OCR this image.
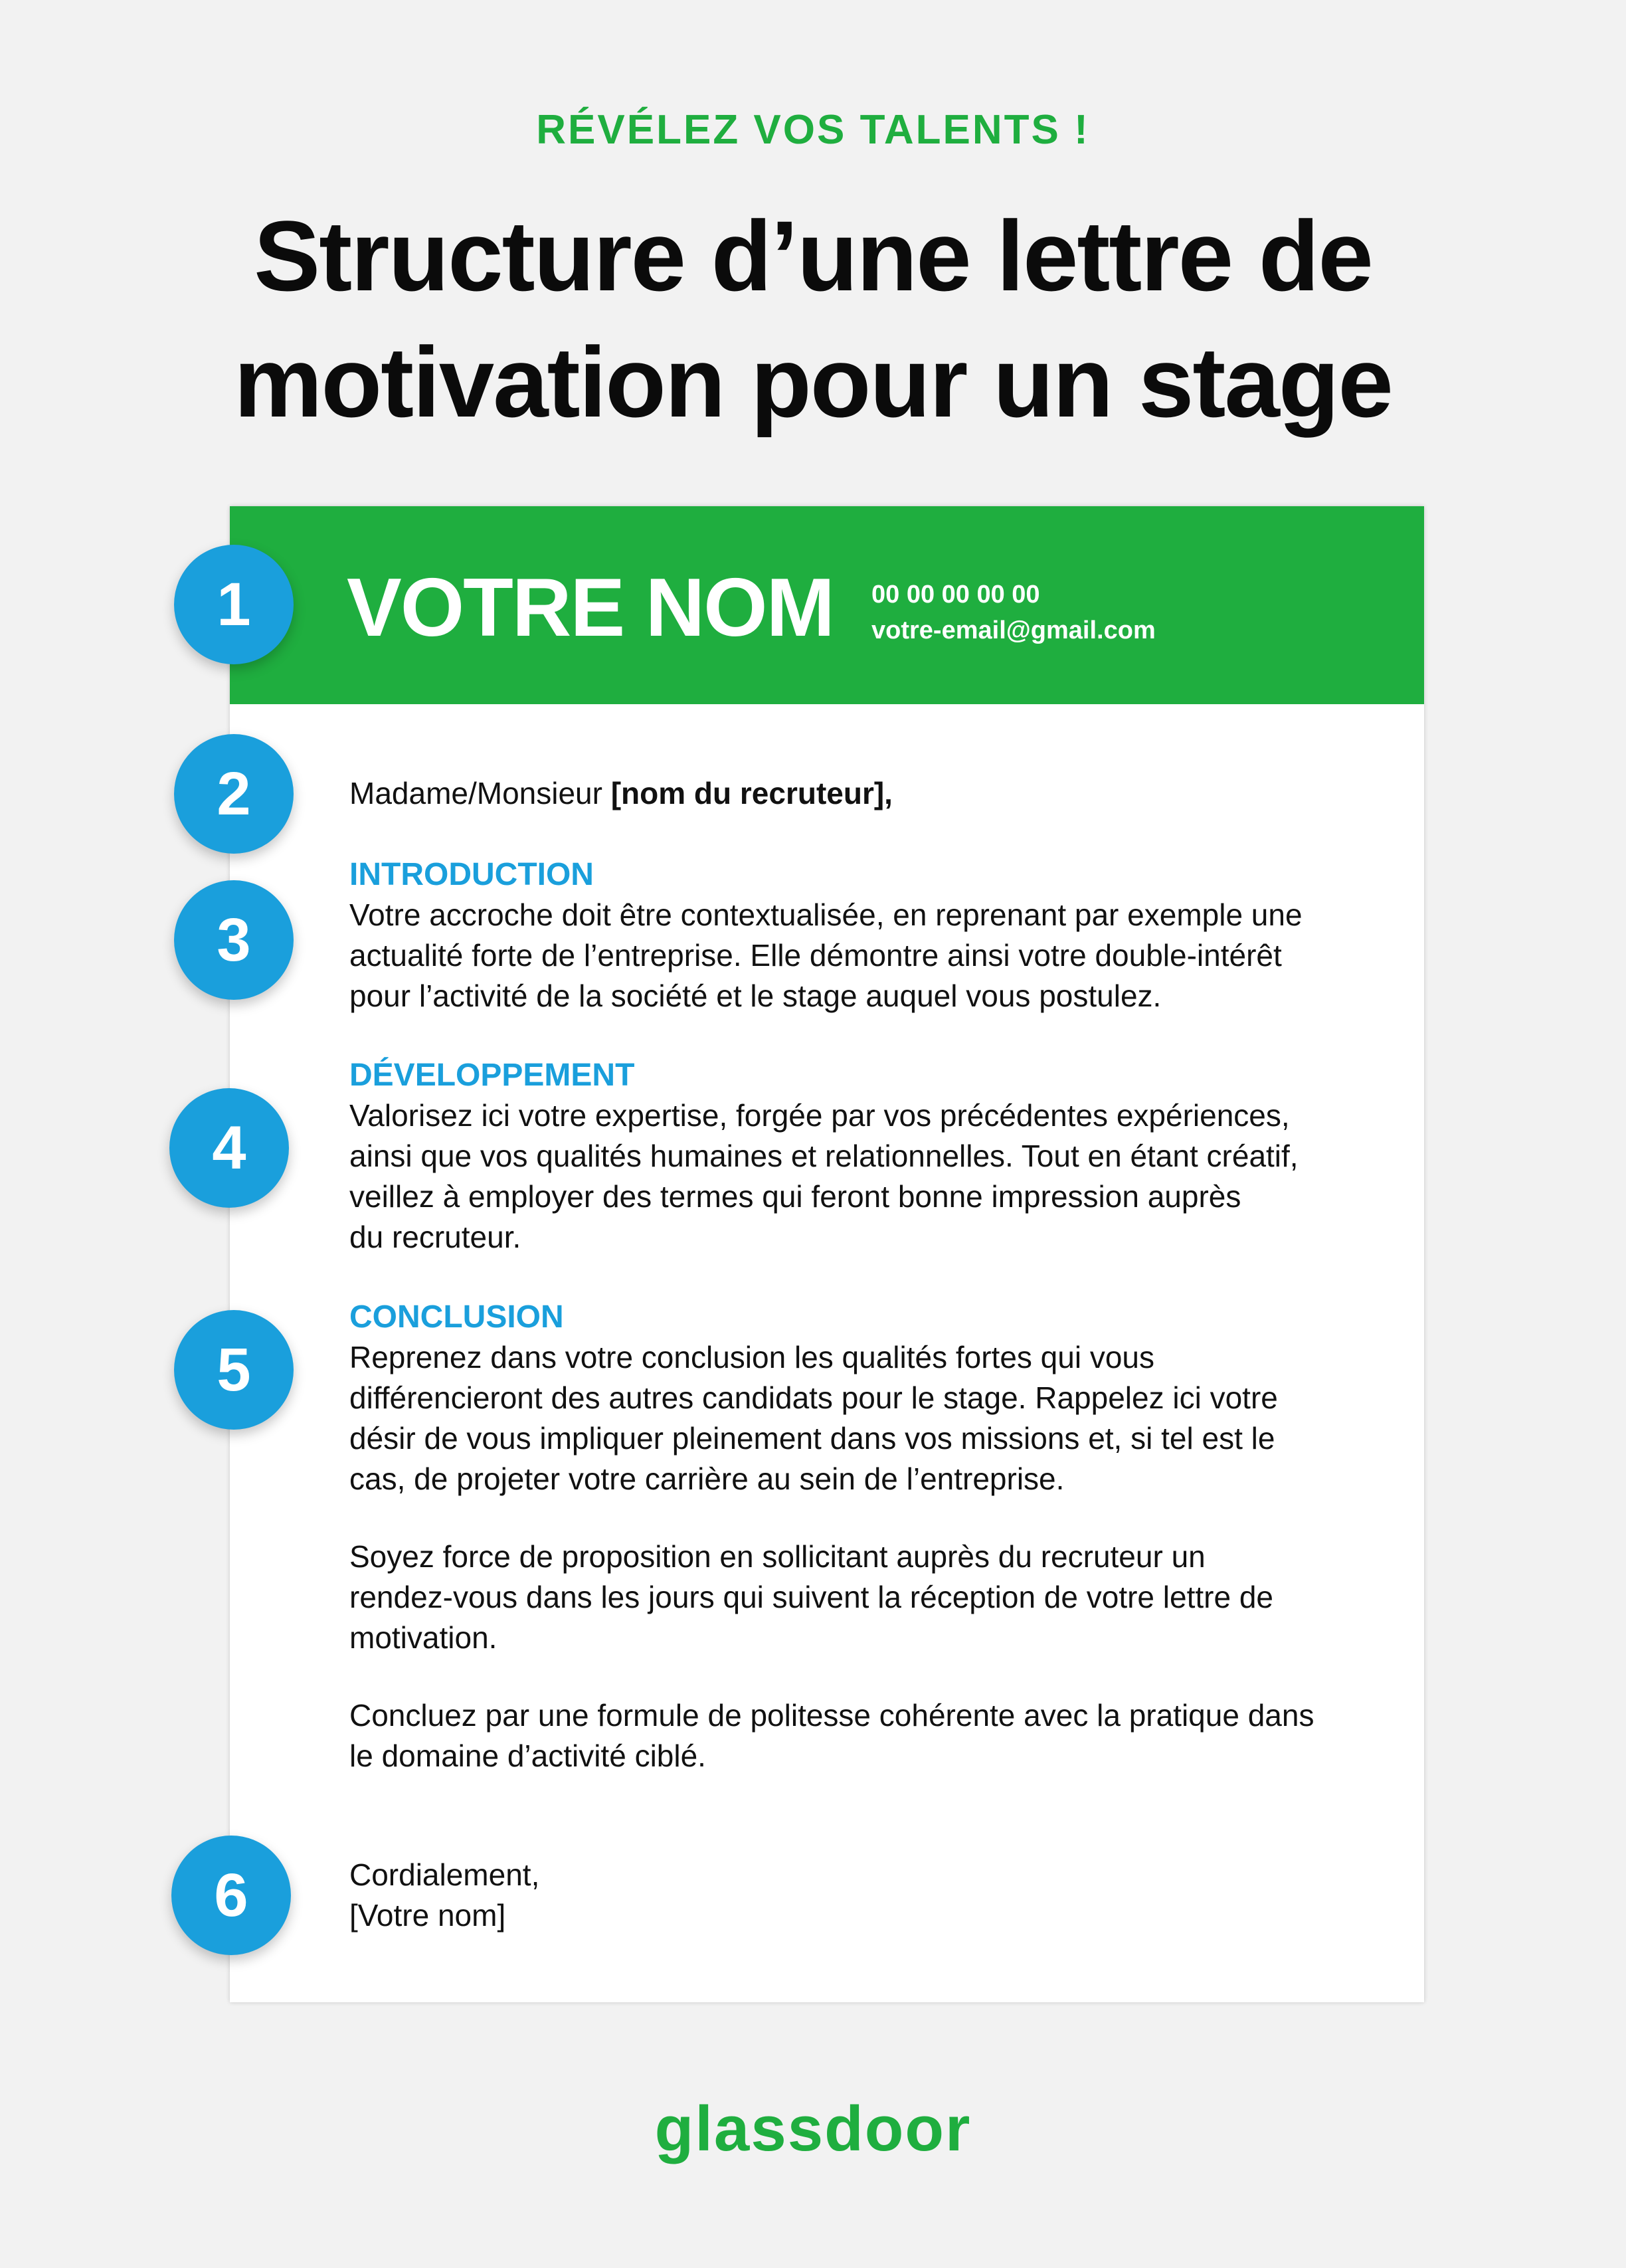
RÉVÉLEZ VOS TALENTS !
Structure d’une lettre de
motivation pour un stage
VOTRE NOM 00 00 00 00 00
votre-email@gmail.com

Madame/Monsieur [nom du recruteur],

INTRODUCTION

Votre accroche doit être contextualisée, en reprenant par exemple une

actualité forte de l’entreprise. Elle démontre ainsi votre double-intérêt

pour l’activité de la société et le stage auquel vous postulez.

DÉVELOPPEMENT

Valorisez ici votre expertise, forgée par vos précédentes expériences,

ainsi que vos qualités humaines et relationnelles. Tout en étant créatif,

veillez à employer des termes qui feront bonne impression auprès

du recruteur.

CONCLUSION

Reprenez dans votre conclusion les qualités fortes qui vous

différencieront des autres candidats pour le stage. Rappelez ici votre

désir de vous impliquer pleinement dans vos missions et, si tel est le

cas, de projeter votre carrière au sein de l’entreprise.

Soyez force de proposition en sollicitant auprès du recruteur un

rendez-vous dans les jours qui suivent la réception de votre lettre de

motivation.

Concluez par une formule de politesse cohérente avec la pratique dans

le domaine d’activité ciblé.

Cordialement,

[Votre nom]

1
2
3
4
5
6
glassdoor
